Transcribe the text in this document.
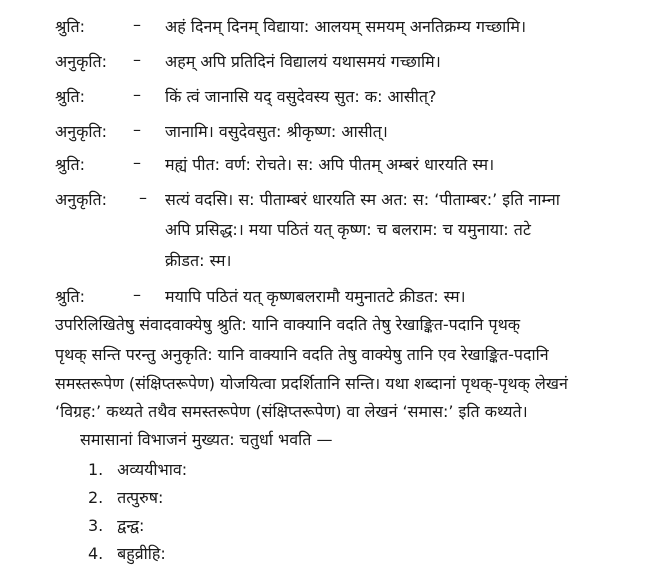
श्रुति:	– अहं दिनम् दिनम् विद्याया: आलयम् समयम् अनतिक्रम्य गच्छामि।
अनुकृति: – अहम् अपि प्रतिदिनं विद्यालयं यथासमयं गच्छामि।
श्रुति:	– किं त्वं जानासि यद् वसुदेवस्य सुत: क: आसीत्?
अनुकृति: – जानामि। वसुदेवसुत: श्रीकृष्ण: आसीत्।
श्रुति:	– मह्यं पीत: वर्ण: रोचते। स: अपि पीतम् अम्बरं धारयति स्म।
अनुकृति: – सत्यं वदसि। स: पीताम्बरं धारयति स्म अत: स: ‘पीताम्बर:’ इति नाम्ना
अपि प्रसिद्ध:। मया पठितं यत् कृष्ण: च बलराम: च यमुनाया: तटे
क्रीडत: स्म।
श्रुति:	– मयापि पठितं यत् कृष्णबलरामौ यमुनातटे क्रीडत: स्म।
उपरिलिखितेषु संवादवाक्येषु श्रुति: यानि वाक्यानि वदति तेषु रेखाङ्कित-पदानि पृथक्
पृथक् सन्ति परन्तु अनुकृति: यानि वाक्यानि वदति तेषु वाक्येषु तानि एव रेखाङ्कित-पदानि
समस्तरूपेण (संक्षिप्तरूपेण) योजयित्वा प्रदर्शितानि सन्ति। यथा शब्दानां पृथक्-पृथक् लेखनं
‘विग्रह:’ कथ्यते तथैव समस्तरूपेण (संक्षिप्तरूपेण) वा लेखनं ‘समास:’ इति कथ्यते।
समासानां विभाजनं मुख्यत: चतुर्धा भवति —
1. अव्ययीभाव:
2. तत्पुरुष:
3. द्वन्द्व:
4. बहुव्रीहि:
